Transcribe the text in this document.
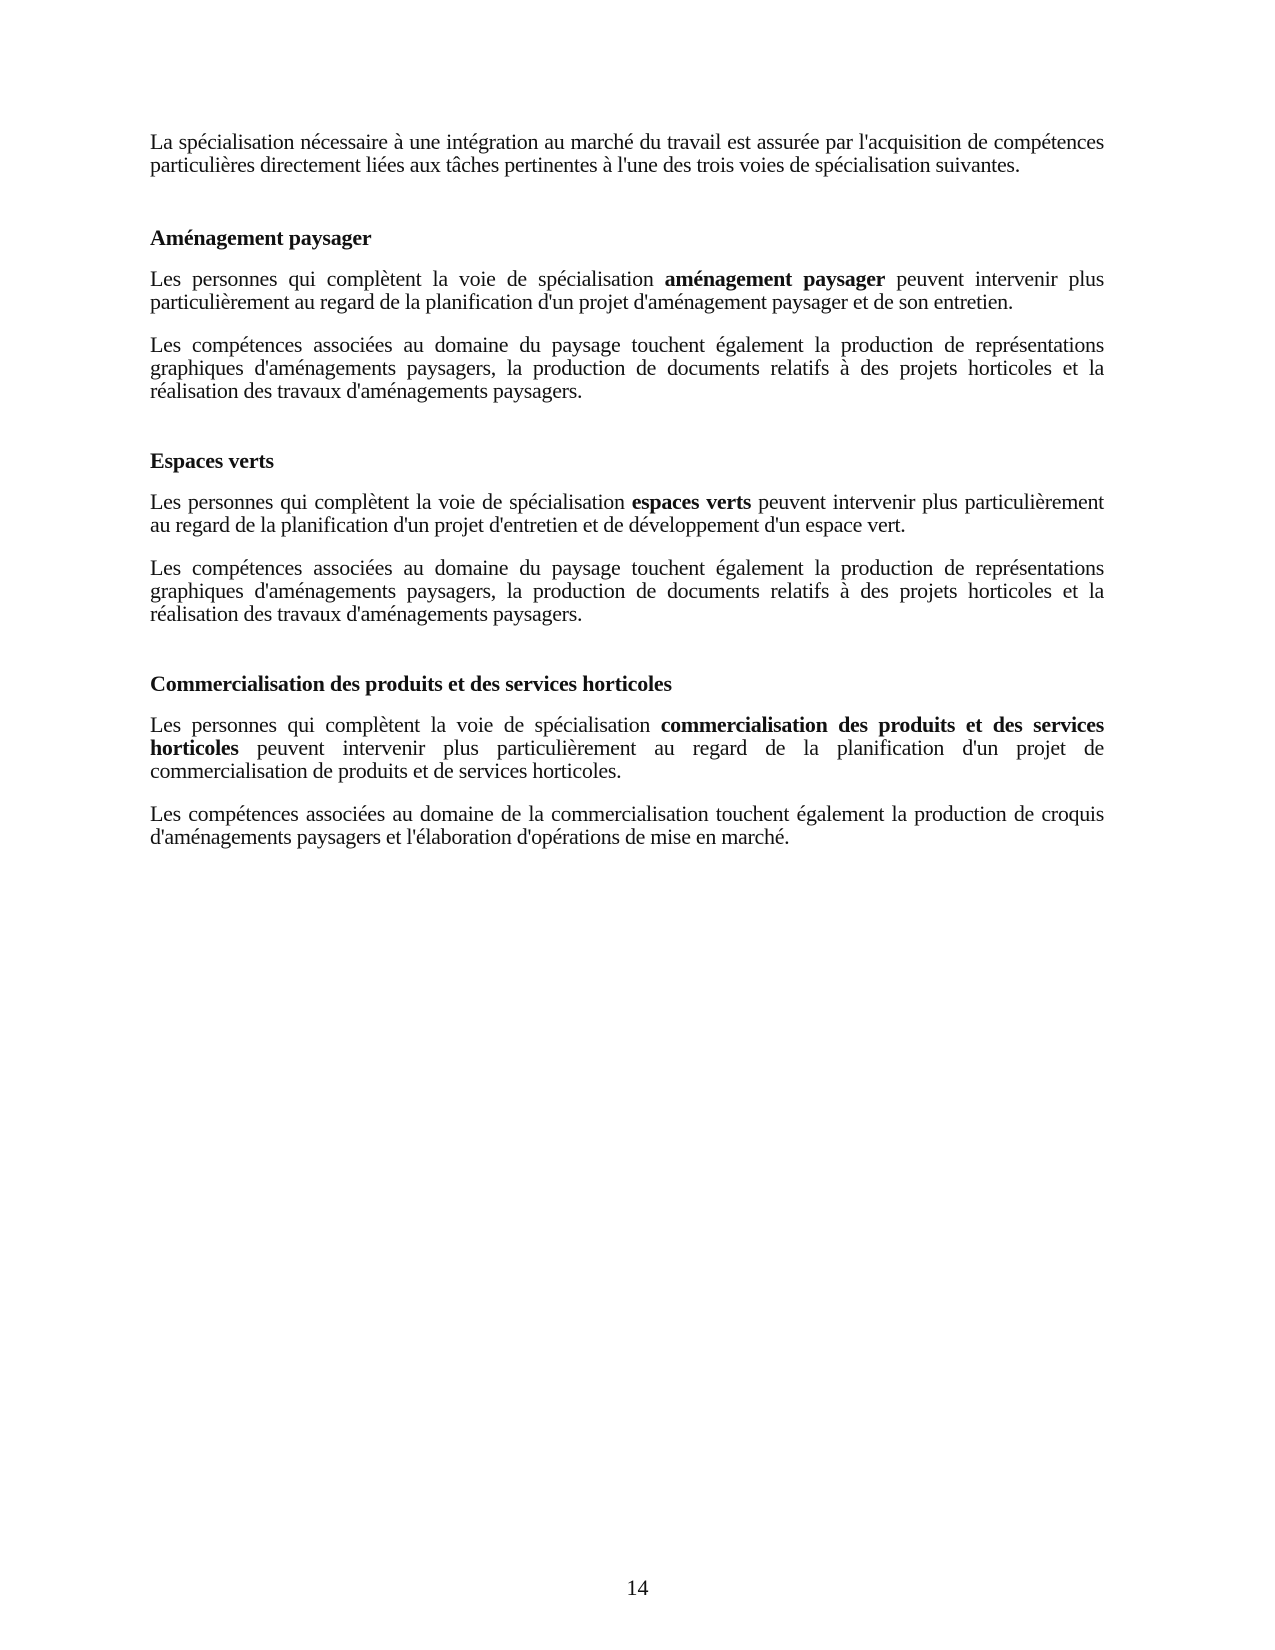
La spécialisation nécessaire à une intégration au marché du travail est assurée par l'acquisition de compétences particulières directement liées aux tâches pertinentes à l'une des trois voies de spécialisation suivantes.

Aménagement paysager

Les personnes qui complètent la voie de spécialisation aménagement paysager peuvent intervenir plus particulièrement au regard de la planification d'un projet d'aménagement paysager et de son entretien.

Les compétences associées au domaine du paysage touchent également la production de représentations graphiques d'aménagements paysagers, la production de documents relatifs à des projets horticoles et la réalisation des travaux d'aménagements paysagers.

Espaces verts

Les personnes qui complètent la voie de spécialisation espaces verts peuvent intervenir plus particulièrement au regard de la planification d'un projet d'entretien et de développement d'un espace vert.

Les compétences associées au domaine du paysage touchent également la production de représentations graphiques d'aménagements paysagers, la production de documents relatifs à des projets horticoles et la réalisation des travaux d'aménagements paysagers.

Commercialisation des produits et des services horticoles

Les personnes qui complètent la voie de spécialisation commercialisation des produits et des services horticoles peuvent intervenir plus particulièrement au regard de la planification d'un projet de commercialisation de produits et de services horticoles.

Les compétences associées au domaine de la commercialisation touchent également la production de croquis d'aménagements paysagers et l'élaboration d'opérations de mise en marché.

14
